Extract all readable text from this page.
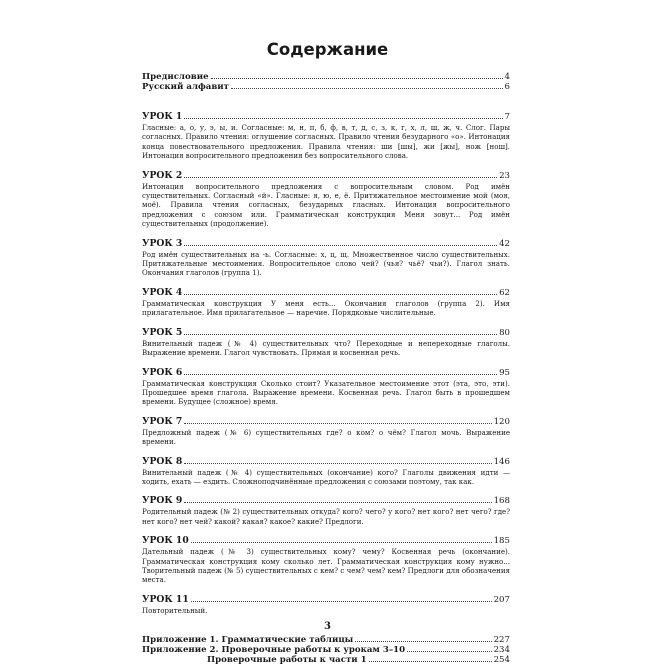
Содержание
Предисловие	4
Русский алфавит	6
УРОК 1	7
Гласные: а, о, у, э, ы, и. Согласные: м, н, п, б, ф, в, т, д, с, з, к, г, х, л, ш, ж, ч. Слог. Пары согласных. Правило чтения: оглушение согласных. Правило чтения безударного «о». Интонация конца повествовательного предложения. Правила чтения: ши [шы], жи [жы], нож [нош]. Интонация вопросительного предложения без вопросительного слова.
УРОК 2	23
Интонация вопросительного предложения с вопросительным словом. Род имён существительных. Согласный «й». Гласные: я, ю, е, ё. Притяжательное местоимение мой (моя, моё). Правила чтения согласных, безударных гласных. Интонация вопросительного предложения с союзом или. Грамматическая конструкция Меня зовут... Род имён существительных (продолжение).
УРОК 3	42
Род имён существительных на -ь. Согласные: х, ц, щ. Множественное число существительных. Притяжательные местоимения. Вопросительное слово чей? (чья? чьё? чьи?). Глагол знать. Окончания глаголов (группа 1).
УРОК 4	62
Грамматическая конструкция У меня есть... Окончания глаголов (группа 2). Имя прилагательное. Имя прилагательное — наречие. Порядковые числительные.
УРОК 5	80
Винительный падеж (№ 4) существительных что? Переходные и непереходные глаголы. Выражение времени. Глагол чувствовать. Прямая и косвенная речь.
УРОК 6	95
Грамматическая конструкция Сколько стоит? Указательное местоимение этот (эта, это, эти). Прошедшее время глагола. Выражение времени. Косвенная речь. Глагол быть в прошедшем времени. Будущее (сложное) время.
УРОК 7	120
Предложный падеж (№ 6) существительных где? о ком? о чём? Глагол мочь. Выражение времени.
УРОК 8	146
Винительный падеж (№ 4) существительных (окончание) кого? Глаголы движения идти — ходить, ехать — ездить. Сложноподчинённые предложения с союзами поэтому, так как.
УРОК 9	168
Родительный падеж (№ 2) существительных откуда? кого? чего? у кого? нет кого? нет чего? где? нет кого? нет чей? какой? какая? какое? какие? Предлоги.
УРОК 10	185
Дательный падеж (№ 3) существительных кому? чему? Косвенная речь (окончание). Грамматическая конструкция кому сколько лет. Грамматическая конструкция кому нужно... Творительный падеж (№ 5) существительных с кем? с чем? чем? кем? Предлоги для обозначения места.
УРОК 11	207
Повторительный.
Приложение 1. Грамматические таблицы	227
Приложение 2. Проверочные работы к урокам 3–10	234
Проверочные работы к части 1	254
3
